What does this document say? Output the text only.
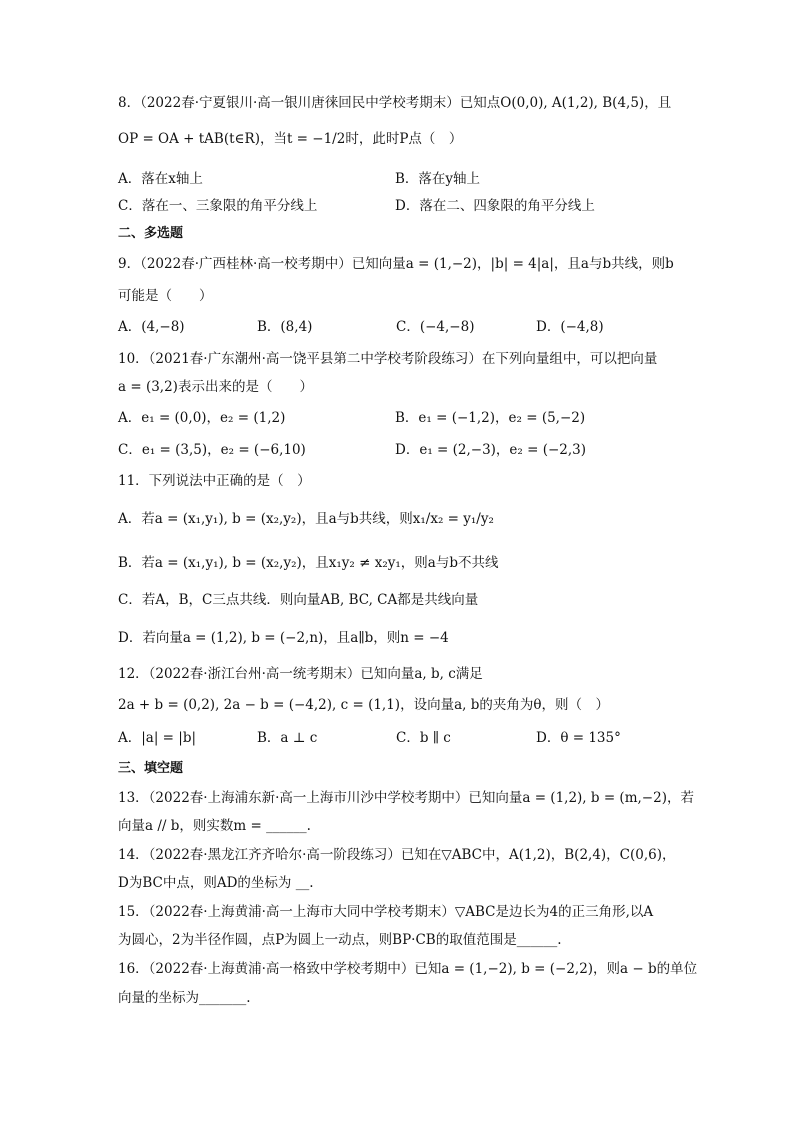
8．（2022春·宁夏银川·高一银川唐徕回民中学校考期末）已知点O(0,0), A(1,2), B(4,5)，且
OP = OA + tAB(t∈R)，当t = −1/2时，此时P点（　）
A．落在x轴上	B．落在y轴上
C．落在一、三象限的角平分线上	D．落在二、四象限的角平分线上
二、多选题
9．（2022春·广西桂林·高一校考期中）已知向量a = (1,−2)，|b| = 4|a|，且a与b共线，则b
可能是（　　）
A．(4,−8)	B．(8,4)	C．(−4,−8)	D．(−4,8)
10．（2021春·广东潮州·高一饶平县第二中学校考阶段练习）在下列向量组中，可以把向量
a = (3,2)表示出来的是（　　）
A．e₁ = (0,0)，e₂ = (1,2)	B．e₁ = (−1,2)，e₂ = (5,−2)
C．e₁ = (3,5)，e₂ = (−6,10)	D．e₁ = (2,−3)，e₂ = (−2,3)
11．下列说法中正确的是（　）
A．若a = (x₁,y₁), b = (x₂,y₂)，且a与b共线，则x₁/x₂ = y₁/y₂
B．若a = (x₁,y₁), b = (x₂,y₂)，且x₁y₂ ≠ x₂y₁，则a与b不共线
C．若A，B，C三点共线．则向量AB, BC, CA都是共线向量
D．若向量a = (1,2), b = (−2,n)，且a∥b，则n = −4
12．（2022春·浙江台州·高一统考期末）已知向量a, b, c满足
2a + b = (0,2), 2a − b = (−4,2), c = (1,1)，设向量a, b的夹角为θ，则（　）
A．|a| = |b|	B．a ⊥ c	C．b ∥ c	D．θ = 135°
三、填空题
13．（2022春·上海浦东新·高一上海市川沙中学校考期中）已知向量a = (1,2), b = (m,−2)，若
向量a // b，则实数m = ______.
14．（2022春·黑龙江齐齐哈尔·高一阶段练习）已知在▽ABC中，A(1,2)，B(2,4)，C(0,6)，
D为BC中点，则AD的坐标为 __.
15．（2022春·上海黄浦·高一上海市大同中学校考期末）▽ABC是边长为4的正三角形,以A
为圆心，2为半径作圆，点P为圆上一动点，则BP·CB的取值范围是______.
16．（2022春·上海黄浦·高一格致中学校考期中）已知a = (1,−2), b = (−2,2)，则a − b的单位
向量的坐标为_______.
